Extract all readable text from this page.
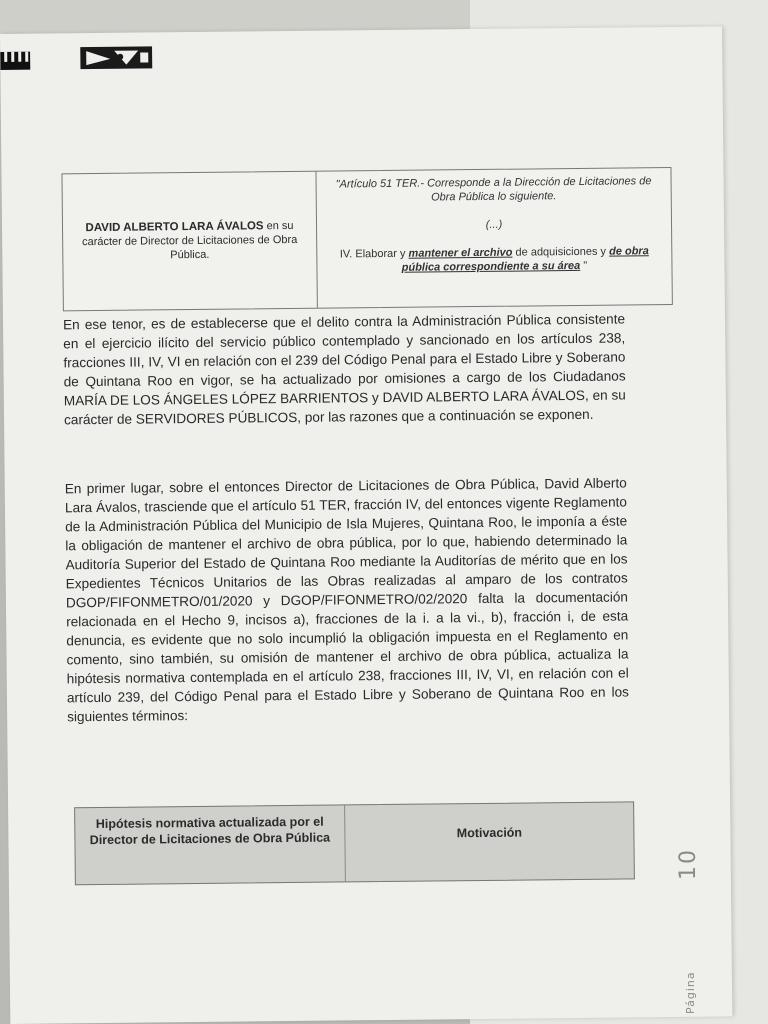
DAVID ALBERTO LARA ÁVALOS en su carácter de Director de Licitaciones de Obra Pública.

"Artículo 51 TER.- Corresponde a la Dirección de Licitaciones de Obra Pública lo siguiente.

(...)

IV. Elaborar y mantener el archivo de adquisiciones y de obra pública correspondiente a su área "

En ese tenor, es de establecerse que el delito contra la Administración Pública consistente en el ejercicio ilícito del servicio público contemplado y sancionado en los artículos 238, fracciones III, IV, VI en relación con el 239 del Código Penal para el Estado Libre y Soberano de Quintana Roo en vigor, se ha actualizado por omisiones a cargo de los Ciudadanos MARÍA DE LOS ÁNGELES LÓPEZ BARRIENTOS y DAVID ALBERTO LARA ÁVALOS, en su carácter de SERVIDORES PÚBLICOS, por las razones que a continuación se exponen.
En primer lugar, sobre el entonces Director de Licitaciones de Obra Pública, David Alberto Lara Ávalos, trasciende que el artículo 51 TER, fracción IV, del entonces vigente Reglamento de la Administración Pública del Municipio de Isla Mujeres, Quintana Roo, le imponía a éste la obligación de mantener el archivo de obra pública, por lo que, habiendo determinado la Auditoría Superior del Estado de Quintana Roo mediante la Auditorías de mérito que en los Expedientes Técnicos Unitarios de las Obras realizadas al amparo de los contratos DGOP/FIFONMETRO/01/2020 y DGOP/FIFONMETRO/02/2020 falta la documentación relacionada en el Hecho 9, incisos a), fracciones de la i. a la vi., b), fracción i, de esta denuncia, es evidente que no solo incumplió la obligación impuesta en el Reglamento en comento, sino también, su omisión de mantener el archivo de obra pública, actualiza la hipótesis normativa contemplada en el artículo 238, fracciones III, IV, VI, en relación con el artículo 239, del Código Penal para el Estado Libre y Soberano de Quintana Roo en los siguientes términos:
Hipótesis normativa actualizada por el Director de Licitaciones de Obra Pública	Motivación
10
Página
